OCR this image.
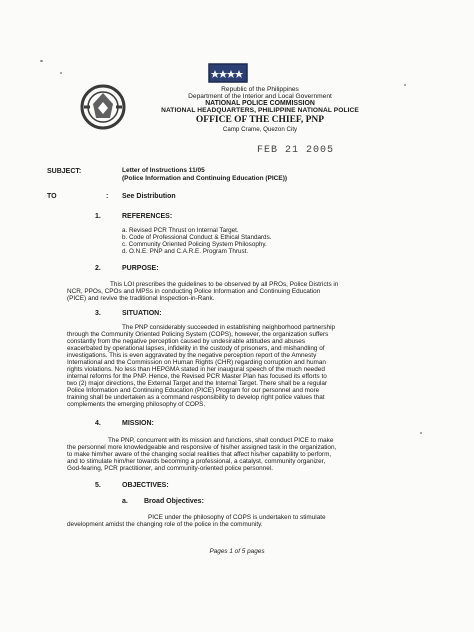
Republic of the Philippines
Department of the Interior and Local Government
NATIONAL POLICE COMMISSION
NATIONAL HEADQUARTERS, PHILIPPINE NATIONAL POLICE
OFFICE OF THE CHIEF, PNP
Camp Crame, Quezon City
FEB 21 2005
SUBJECT:	Letter of Instructions 11/05
(Police Information and Continuing Education (PICE))
TO	: See Distribution
1.	REFERENCES:
a. Revised PCR Thrust on Internal Target.
b. Code of Professional Conduct & Ethical Standards.
c. Community Oriented Policing System Philosophy.
d. O.N.E. PNP and C.A.R.E. Program Thrust.
2.	PURPOSE:
This LOI prescribes the guidelines to be observed by all PROs, Police Districts in
NCR, PPOs, CPOs and MPSs in conducting Police Information and Continuing Education
(PICE) and revive the traditional Inspection-in-Rank.
3.	SITUATION:
The PNP considerably succeeded in establishing neighborhood partnership
through the Community Oriented Policing System (COPS), however, the organization suffers
constantly from the negative perception caused by undesirable attitudes and abuses
exacerbated by operational lapses, infidelity in the custody of prisoners, and mishandling of
investigations. This is even aggravated by the negative perception report of the Amnesty
International and the Commission on Human Rights (CHR) regarding corruption and human
rights violations. No less than HEPGMA stated in her inaugural speech of the much needed
internal reforms for the PNP. Hence, the Revised PCR Master Plan has focused its efforts to
two (2) major directions, the External Target and the Internal Target. There shall be a regular
Police Information and Continuing Education (PICE) Program for our personnel and more
training shall be undertaken as a command responsibility to develop right police values that
complements the emerging philosophy of COPS.
4.	MISSION:
The PNP, concurrent with its mission and functions, shall conduct PICE to make
the personnel more knowledgeable and responsive of his/her assigned task in the organization,
to make him/her aware of the changing social realities that affect his/her capability to perform,
and to stimulate him/her towards becoming a professional, a catalyst, community organizer,
God-fearing, PCR practitioner, and community-oriented police personnel.
5.	OBJECTIVES:
a. Broad Objectives:
PICE under the philosophy of COPS is undertaken to stimulate
development amidst the changing role of the police in the community.
Pages 1 of 5 pages
